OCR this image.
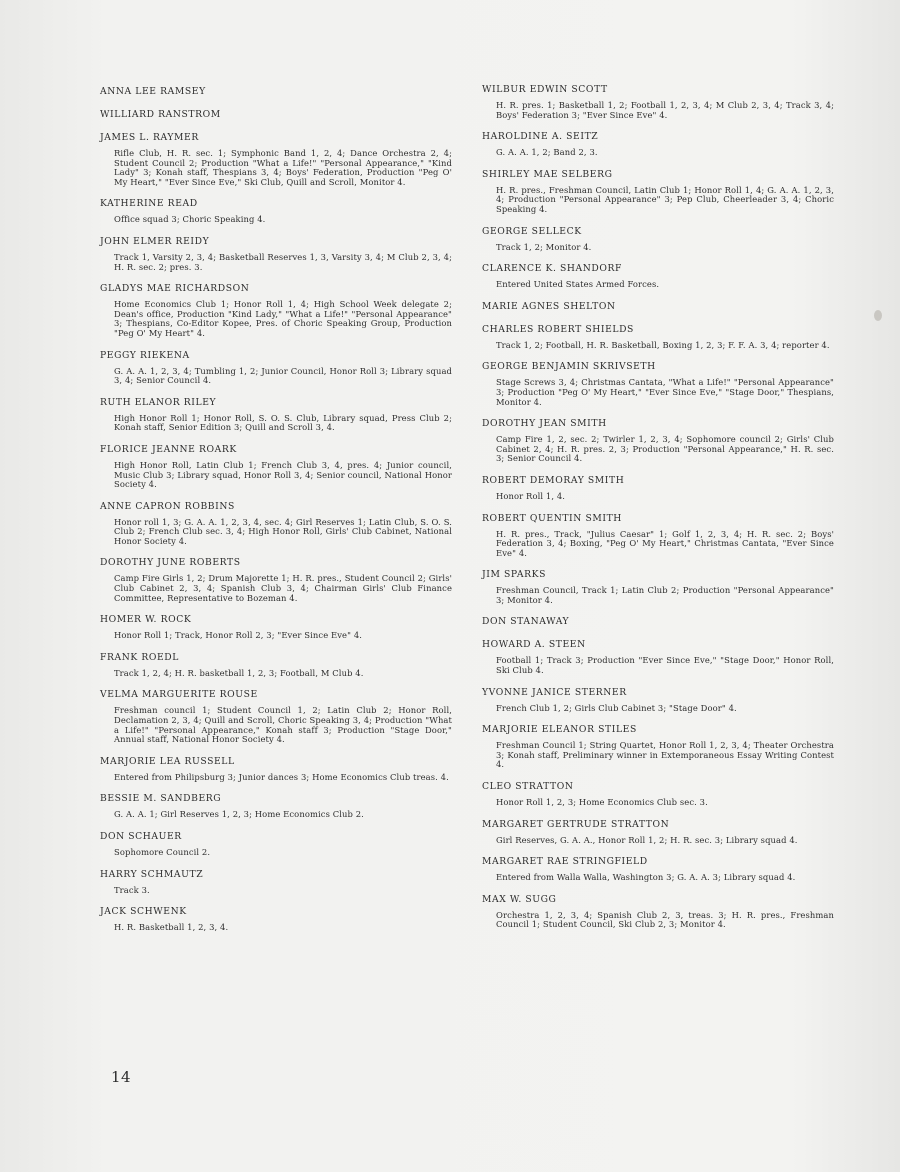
ANNA LEE RAMSEY
WILLIARD RANSTROM
JAMES L. RAYMER
Rifle Club, H. R. sec. 1; Symphonic Band 1, 2, 4; Dance Orchestra 2, 4; Student Council 2; Production "What a Life!" "Personal Appearance," "Kind Lady" 3; Konah staff, Thespians 3, 4; Boys' Federation, Production "Peg O' My Heart," "Ever Since Eve," Ski Club, Quill and Scroll, Monitor 4.
KATHERINE READ
Office squad 3; Choric Speaking 4.
JOHN ELMER REIDY
Track 1, Varsity 2, 3, 4; Basketball Reserves 1, 3, Varsity 3, 4; M Club 2, 3, 4; H. R. sec. 2; pres. 3.
GLADYS MAE RICHARDSON
Home Economics Club 1; Honor Roll 1, 4; High School Week delegate 2; Dean's office, Production "Kind Lady," "What a Life!" "Personal Appearance" 3; Thespians, Co-Editor Kopee, Pres. of Choric Speaking Group, Production "Peg O' My Heart" 4.
PEGGY RIEKENA
G. A. A. 1, 2, 3, 4; Tumbling 1, 2; Junior Council, Honor Roll 3; Library squad 3, 4; Senior Council 4.
RUTH ELANOR RILEY
High Honor Roll 1; Honor Roll, S. O. S. Club, Library squad, Press Club 2; Konah staff, Senior Edition 3; Quill and Scroll 3, 4.
FLORICE JEANNE ROARK
High Honor Roll, Latin Club 1; French Club 3, 4, pres. 4; Junior council, Music Club 3; Library squad, Honor Roll 3, 4; Senior council, National Honor Society 4.
ANNE CAPRON ROBBINS
Honor roll 1, 3; G. A. A. 1, 2, 3, 4, sec. 4; Girl Reserves 1; Latin Club, S. O. S. Club 2; French Club sec. 3, 4; High Honor Roll, Girls' Club Cabinet, National Honor Society 4.
DOROTHY JUNE ROBERTS
Camp Fire Girls 1, 2; Drum Majorette 1; H. R. pres., Student Council 2; Girls' Club Cabinet 2, 3, 4; Spanish Club 3, 4; Chairman Girls' Club Finance Committee, Representative to Bozeman 4.
HOMER W. ROCK
Honor Roll 1; Track, Honor Roll 2, 3; "Ever Since Eve" 4.
FRANK ROEDL
Track 1, 2, 4; H. R. basketball 1, 2, 3; Football, M Club 4.
VELMA MARGUERITE ROUSE
Freshman council 1; Student Council 1, 2; Latin Club 2; Honor Roll, Declamation 2, 3, 4; Quill and Scroll, Choric Speaking 3, 4; Production "What a Life!" "Personal Appearance," Konah staff 3; Production "Stage Door," Annual staff, National Honor Society 4.
MARJORIE LEA RUSSELL
Entered from Philipsburg 3; Junior dances 3; Home Economics Club treas. 4.
BESSIE M. SANDBERG
G. A. A. 1; Girl Reserves 1, 2, 3; Home Economics Club 2.
DON SCHAUER
Sophomore Council 2.
HARRY SCHMAUTZ
Track 3.
JACK SCHWENK
H. R. Basketball 1, 2, 3, 4.
WILBUR EDWIN SCOTT
H. R. pres. 1; Basketball 1, 2; Football 1, 2, 3, 4; M Club 2, 3, 4; Track 3, 4; Boys' Federation 3; "Ever Since Eve" 4.
HAROLDINE A. SEITZ
G. A. A. 1, 2; Band 2, 3.
SHIRLEY MAE SELBERG
H. R. pres., Freshman Council, Latin Club 1; Honor Roll 1, 4; G. A. A. 1, 2, 3, 4; Production "Personal Appearance" 3; Pep Club, Cheerleader 3, 4; Choric Speaking 4.
GEORGE SELLECK
Track 1, 2; Monitor 4.
CLARENCE K. SHANDORF
Entered United States Armed Forces.
MARIE AGNES SHELTON
CHARLES ROBERT SHIELDS
Track 1, 2; Football, H. R. Basketball, Boxing 1, 2, 3; F. F. A. 3, 4; reporter 4.
GEORGE BENJAMIN SKRIVSETH
Stage Screws 3, 4; Christmas Cantata, "What a Life!" "Personal Appearance" 3; Production "Peg O' My Heart," "Ever Since Eve," "Stage Door," Thespians, Monitor 4.
DOROTHY JEAN SMITH
Camp Fire 1, 2, sec. 2; Twirler 1, 2, 3, 4; Sophomore council 2; Girls' Club Cabinet 2, 4; H. R. pres. 2, 3; Production "Personal Appearance," H. R. sec. 3; Senior Council 4.
ROBERT DEMORAY SMITH
Honor Roll 1, 4.
ROBERT QUENTIN SMITH
H. R. pres., Track, "Julius Caesar" 1; Golf 1, 2, 3, 4; H. R. sec. 2; Boys' Federation 3, 4; Boxing, "Peg O' My Heart," Christmas Cantata, "Ever Since Eve" 4.
JIM SPARKS
Freshman Council, Track 1; Latin Club 2; Production "Personal Appearance" 3; Monitor 4.
DON STANAWAY
HOWARD A. STEEN
Football 1; Track 3; Production "Ever Since Eve," "Stage Door," Honor Roll, Ski Club 4.
YVONNE JANICE STERNER
French Club 1, 2; Girls Club Cabinet 3; "Stage Door" 4.
MARJORIE ELEANOR STILES
Freshman Council 1; String Quartet, Honor Roll 1, 2, 3, 4; Theater Orchestra 3; Konah staff, Preliminary winner in Extemporaneous Essay Writing Contest 4.
CLEO STRATTON
Honor Roll 1, 2, 3; Home Economics Club sec. 3.
MARGARET GERTRUDE STRATTON
Girl Reserves, G. A. A., Honor Roll 1, 2; H. R. sec. 3; Library squad 4.
MARGARET RAE STRINGFIELD
Entered from Walla Walla, Washington 3; G. A. A. 3; Library squad 4.
MAX W. SUGG
Orchestra 1, 2, 3, 4; Spanish Club 2, 3, treas. 3; H. R. pres., Freshman Council 1; Student Council, Ski Club 2, 3; Monitor 4.
14
